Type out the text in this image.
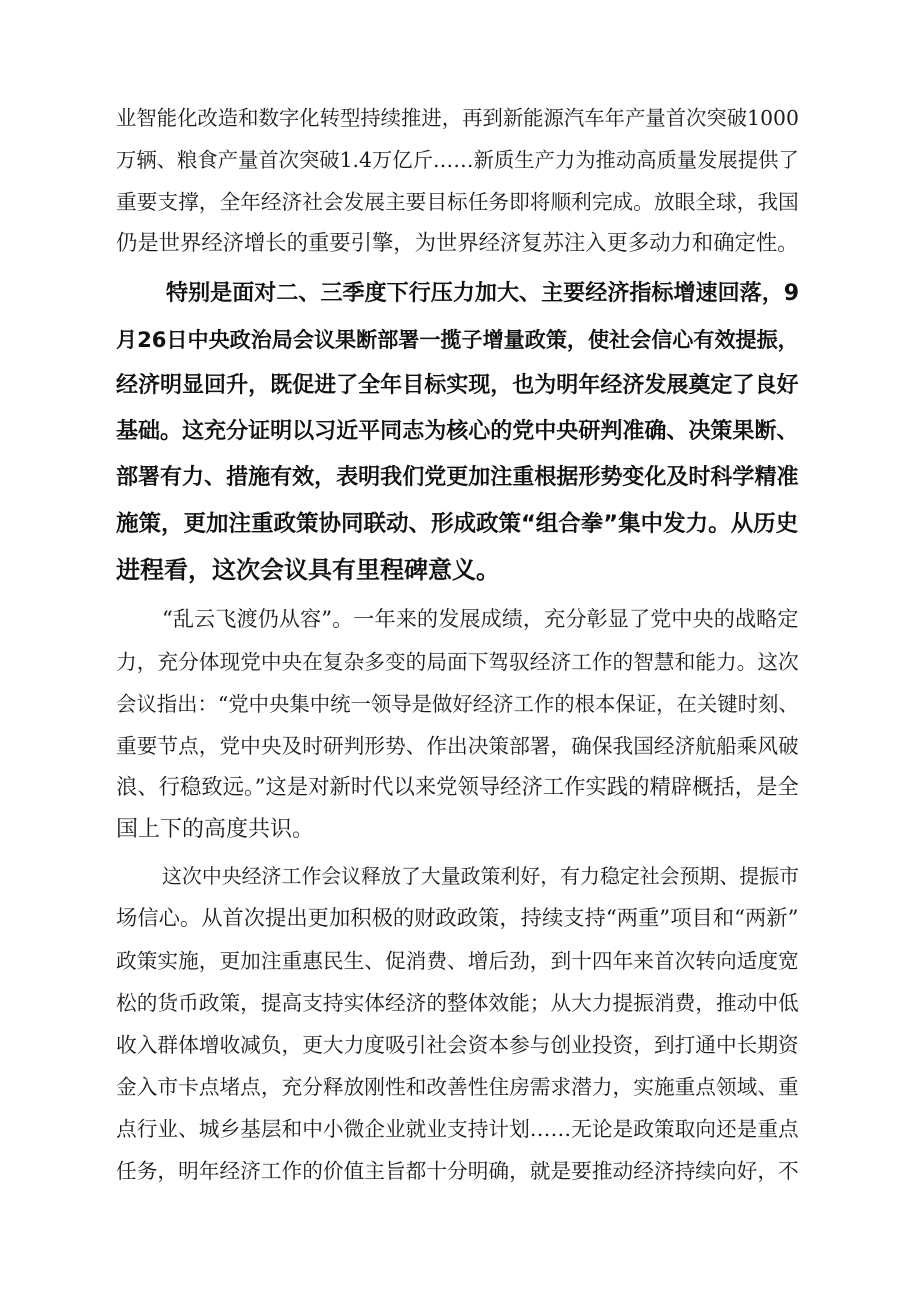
业智能化改造和数字化转型持续推进，再到新能源汽车年产量首次突破1000
万辆、粮食产量首次突破1.4万亿斤……新质生产力为推动高质量发展提供了
重要支撑，全年经济社会发展主要目标任务即将顺利完成。放眼全球，我国
仍是世界经济增长的重要引擎，为世界经济复苏注入更多动力和确定性。
特别是面对二、三季度下行压力加大、主要经济指标增速回落，9
月26日中央政治局会议果断部署一揽子增量政策，使社会信心有效提振，
经济明显回升，既促进了全年目标实现，也为明年经济发展奠定了良好
基础。这充分证明以习近平同志为核心的党中央研判准确、决策果断、
部署有力、措施有效，表明我们党更加注重根据形势变化及时科学精准
施策，更加注重政策协同联动、形成政策“组合拳”集中发力。从历史
进程看，这次会议具有里程碑意义。
“乱云飞渡仍从容”。一年来的发展成绩，充分彰显了党中央的战略定
力，充分体现党中央在复杂多变的局面下驾驭经济工作的智慧和能力。这次
会议指出：“党中央集中统一领导是做好经济工作的根本保证，在关键时刻、
重要节点，党中央及时研判形势、作出决策部署，确保我国经济航船乘风破
浪、行稳致远。”这是对新时代以来党领导经济工作实践的精辟概括，是全
国上下的高度共识。
这次中央经济工作会议释放了大量政策利好，有力稳定社会预期、提振市
场信心。从首次提出更加积极的财政政策，持续支持“两重”项目和“两新”
政策实施，更加注重惠民生、促消费、增后劲，到十四年来首次转向适度宽
松的货币政策，提高支持实体经济的整体效能；从大力提振消费，推动中低
收入群体增收减负，更大力度吸引社会资本参与创业投资，到打通中长期资
金入市卡点堵点，充分释放刚性和改善性住房需求潜力，实施重点领域、重
点行业、城乡基层和中小微企业就业支持计划……无论是政策取向还是重点
任务，明年经济工作的价值主旨都十分明确，就是要推动经济持续向好，不
